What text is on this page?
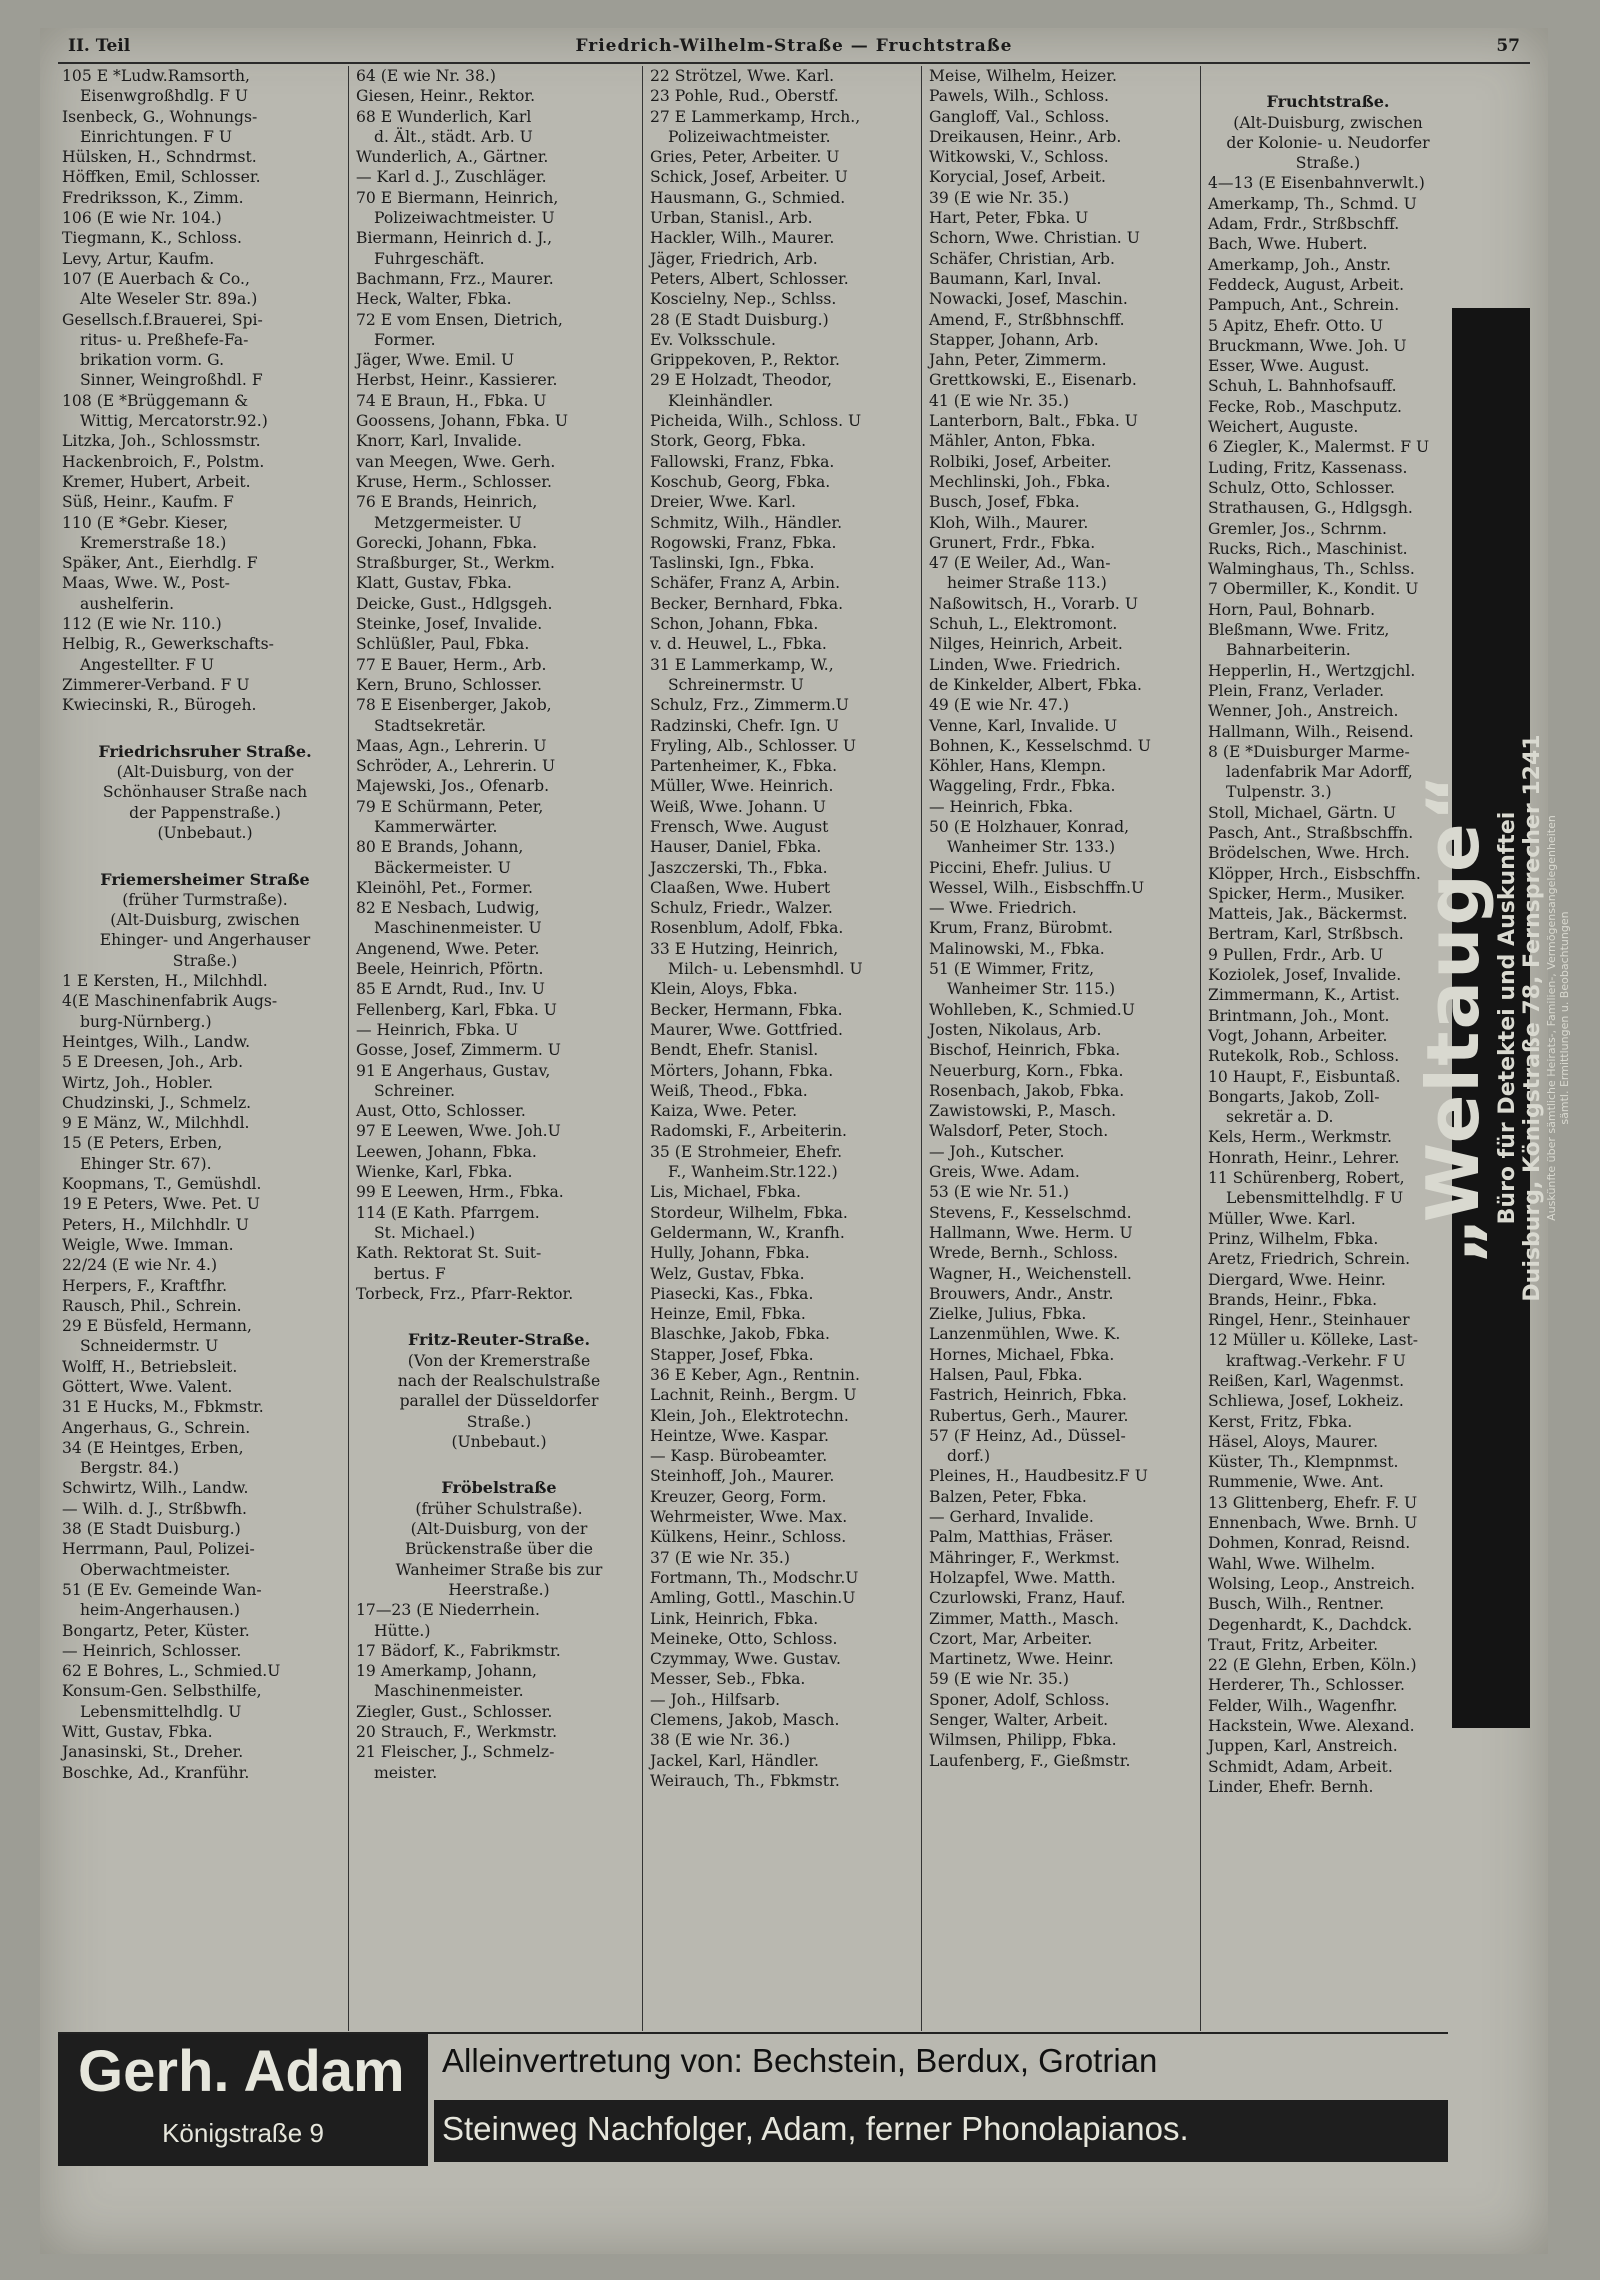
II. Teil	Friedrich-Wilhelm-Straße — Fruchtstraße	57
105 E *Ludw.Ramsorth,
Eisenwgroßhdlg. F U
Isenbeck, G., Wohnungs-
Einrichtungen. F U
Hülsken, H., Schndrmst.
Höffken, Emil, Schlosser.
Fredriksson, K., Zimm.
106 (E wie Nr. 104.)
Tiegmann, K., Schloss.
Levy, Artur, Kaufm.
107 (E Auerbach & Co.,
Alte Weseler Str. 89a.)
Gesellsch.f.Brauerei, Spi-
ritus- u. Preßhefe-Fa-
brikation vorm. G.
Sinner, Weingroßhdl. F
108 (E *Brüggemann &
Wittig, Mercatorstr.92.)
Litzka, Joh., Schlossmstr.
Hackenbroich, F., Polstm.
Kremer, Hubert, Arbeit.
Süß, Heinr., Kaufm. F
110 (E *Gebr. Kieser,
Kremerstraße 18.)
Späker, Ant., Eierhdlg. F
Maas, Wwe. W., Post-
aushelferin.
112 (E wie Nr. 110.)
Helbig, R., Gewerkschafts-
Angestellter. F U
Zimmerer-Verband. F U
Kwiecinski, R., Bürogeh.

Friedrichsruher Straße.
(Alt-Duisburg, von der
Schönhauser Straße nach
der Pappenstraße.)
(Unbebaut.)

Friemersheimer Straße
(früher Turmstraße).
(Alt-Duisburg, zwischen
Ehinger- und Angerhauser
Straße.)
1 E Kersten, H., Milchhdl.
4(E Maschinenfabrik Augs-
burg-Nürnberg.)
Heintges, Wilh., Landw.
5 E Dreesen, Joh., Arb.
Wirtz, Joh., Hobler.
Chudzinski, J., Schmelz.
9 E Mänz, W., Milchhdl.
15 (E Peters, Erben,
Ehinger Str. 67).
Koopmans, T., Gemüshdl.
19 E Peters, Wwe. Pet. U
Peters, H., Milchhdlr. U
Weigle, Wwe. Imman.
22/24 (E wie Nr. 4.)
Herpers, F., Kraftfhr.
Rausch, Phil., Schrein.
29 E Büsfeld, Hermann,
Schneidermstr. U
Wolff, H., Betriebsleit.
Göttert, Wwe. Valent.
31 E Hucks, M., Fbkmstr.
Angerhaus, G., Schrein.
34 (E Heintges, Erben,
Bergstr. 84.)
Schwirtz, Wilh., Landw.
— Wilh. d. J., Strßbwfh.
38 (E Stadt Duisburg.)
Herrmann, Paul, Polizei-
Oberwachtmeister.
51 (E Ev. Gemeinde Wan-
heim-Angerhausen.)
Bongartz, Peter, Küster.
— Heinrich, Schlosser.
62 E Bohres, L., Schmied.U
Konsum-Gen. Selbsthilfe,
Lebensmittelhdlg. U
Witt, Gustav, Fbka.
Janasinski, St., Dreher.
Boschke, Ad., Kranführ.
64 (E wie Nr. 38.)
Giesen, Heinr., Rektor.
68 E Wunderlich, Karl
d. Ält., städt. Arb. U
Wunderlich, A., Gärtner.
— Karl d. J., Zuschläger.
70 E Biermann, Heinrich,
Polizeiwachtmeister. U
Biermann, Heinrich d. J.,
Fuhrgeschäft.
Bachmann, Frz., Maurer.
Heck, Walter, Fbka.
72 E vom Ensen, Dietrich,
Former.
Jäger, Wwe. Emil. U
Herbst, Heinr., Kassierer.
74 E Braun, H., Fbka. U
Goossens, Johann, Fbka. U
Knorr, Karl, Invalide.
van Meegen, Wwe. Gerh.
Kruse, Herm., Schlosser.
76 E Brands, Heinrich,
Metzgermeister. U
Gorecki, Johann, Fbka.
Straßburger, St., Werkm.
Klatt, Gustav, Fbka.
Deicke, Gust., Hdlgsgeh.
Steinke, Josef, Invalide.
Schlüßler, Paul, Fbka.
77 E Bauer, Herm., Arb.
Kern, Bruno, Schlosser.
78 E Eisenberger, Jakob,
Stadtsekretär.
Maas, Agn., Lehrerin. U
Schröder, A., Lehrerin. U
Majewski, Jos., Ofenarb.
79 E Schürmann, Peter,
Kammerwärter.
80 E Brands, Johann,
Bäckermeister. U
Kleinöhl, Pet., Former.
82 E Nesbach, Ludwig,
Maschinenmeister. U
Angenend, Wwe. Peter.
Beele, Heinrich, Pförtn.
85 E Arndt, Rud., Inv. U
Fellenberg, Karl, Fbka. U
— Heinrich, Fbka. U
Gosse, Josef, Zimmerm. U
91 E Angerhaus, Gustav,
Schreiner.
Aust, Otto, Schlosser.
97 E Leewen, Wwe. Joh.U
Leewen, Johann, Fbka.
Wienke, Karl, Fbka.
99 E Leewen, Hrm., Fbka.
114 (E Kath. Pfarrgem.
St. Michael.)
Kath. Rektorat St. Suit-
bertus. F
Torbeck, Frz., Pfarr-Rektor.

Fritz-Reuter-Straße.
(Von der Kremerstraße
nach der Realschulstraße
parallel der Düsseldorfer
Straße.)
(Unbebaut.)

Fröbelstraße
(früher Schulstraße).
(Alt-Duisburg, von der
Brückenstraße über die
Wanheimer Straße bis zur
Heerstraße.)
17—23 (E Niederrhein.
Hütte.)
17 Bädorf, K., Fabrikmstr.
19 Amerkamp, Johann,
Maschinenmeister.
Ziegler, Gust., Schlosser.
20 Strauch, F., Werkmstr.
21 Fleischer, J., Schmelz-
meister.
22 Strötzel, Wwe. Karl.
23 Pohle, Rud., Oberstf.
27 E Lammerkamp, Hrch.,
Polizeiwachtmeister.
Gries, Peter, Arbeiter. U
Schick, Josef, Arbeiter. U
Hausmann, G., Schmied.
Urban, Stanisl., Arb.
Hackler, Wilh., Maurer.
Jäger, Friedrich, Arb.
Peters, Albert, Schlosser.
Koscielny, Nep., Schlss.
28 (E Stadt Duisburg.)
Ev. Volksschule.
Grippekoven, P., Rektor.
29 E Holzadt, Theodor,
Kleinhändler.
Picheida, Wilh., Schloss. U
Stork, Georg, Fbka.
Fallowski, Franz, Fbka.
Koschub, Georg, Fbka.
Dreier, Wwe. Karl.
Schmitz, Wilh., Händler.
Rogowski, Franz, Fbka.
Taslinski, Ign., Fbka.
Schäfer, Franz A, Arbin.
Becker, Bernhard, Fbka.
Schon, Johann, Fbka.
v. d. Heuwel, L., Fbka.
31 E Lammerkamp, W.,
Schreinermstr. U
Schulz, Frz., Zimmerm.U
Radzinski, Chefr. Ign. U
Fryling, Alb., Schlosser. U
Partenheimer, K., Fbka.
Müller, Wwe. Heinrich.
Weiß, Wwe. Johann. U
Frensch, Wwe. August
Hauser, Daniel, Fbka.
Jaszczerski, Th., Fbka.
Claaßen, Wwe. Hubert
Schulz, Friedr., Walzer.
Rosenblum, Adolf, Fbka.
33 E Hutzing, Heinrich,
Milch- u. Lebensmhdl. U
Klein, Aloys, Fbka.
Becker, Hermann, Fbka.
Maurer, Wwe. Gottfried.
Bendt, Ehefr. Stanisl.
Mörters, Johann, Fbka.
Weiß, Theod., Fbka.
Kaiza, Wwe. Peter.
Radomski, F., Arbeiterin.
35 (E Strohmeier, Ehefr.
F., Wanheim.Str.122.)
Lis, Michael, Fbka.
Stordeur, Wilhelm, Fbka.
Geldermann, W., Kranfh.
Hully, Johann, Fbka.
Welz, Gustav, Fbka.
Piasecki, Kas., Fbka.
Heinze, Emil, Fbka.
Blaschke, Jakob, Fbka.
Stapper, Josef, Fbka.
36 E Keber, Agn., Rentnin.
Lachnit, Reinh., Bergm. U
Klein, Joh., Elektrotechn.
Heintze, Wwe. Kaspar.
— Kasp. Bürobeamter.
Steinhoff, Joh., Maurer.
Kreuzer, Georg, Form.
Wehrmeister, Wwe. Max.
Külkens, Heinr., Schloss.
37 (E wie Nr. 35.)
Fortmann, Th., Modschr.U
Amling, Gottl., Maschin.U
Link, Heinrich, Fbka.
Meineke, Otto, Schloss.
Czymmay, Wwe. Gustav.
Messer, Seb., Fbka.
— Joh., Hilfsarb.
Clemens, Jakob, Masch.
38 (E wie Nr. 36.)
Jackel, Karl, Händler.
Weirauch, Th., Fbkmstr.
Meise, Wilhelm, Heizer.
Pawels, Wilh., Schloss.
Gangloff, Val., Schloss.
Dreikausen, Heinr., Arb.
Witkowski, V., Schloss.
Korycial, Josef, Arbeit.
39 (E wie Nr. 35.)
Hart, Peter, Fbka. U
Schorn, Wwe. Christian. U
Schäfer, Christian, Arb.
Baumann, Karl, Inval.
Nowacki, Josef, Maschin.
Amend, F., Strßbhnschff.
Stapper, Johann, Arb.
Jahn, Peter, Zimmerm.
Grettkowski, E., Eisenarb.
41 (E wie Nr. 35.)
Lanterborn, Balt., Fbka. U
Mähler, Anton, Fbka.
Rolbiki, Josef, Arbeiter.
Mechlinski, Joh., Fbka.
Busch, Josef, Fbka.
Kloh, Wilh., Maurer.
Grunert, Frdr., Fbka.
47 (E Weiler, Ad., Wan-
heimer Straße 113.)
Naßowitsch, H., Vorarb. U
Schuh, L., Elektromont.
Nilges, Heinrich, Arbeit.
Linden, Wwe. Friedrich.
de Kinkelder, Albert, Fbka.
49 (E wie Nr. 47.)
Venne, Karl, Invalide. U
Bohnen, K., Kesselschmd. U
Köhler, Hans, Klempn.
Waggeling, Frdr., Fbka.
— Heinrich, Fbka.
50 (E Holzhauer, Konrad,
Wanheimer Str. 133.)
Piccini, Ehefr. Julius. U
Wessel, Wilh., Eisbschffn.U
— Wwe. Friedrich.
Krum, Franz, Bürobmt.
Malinowski, M., Fbka.
51 (E Wimmer, Fritz,
Wanheimer Str. 115.)
Wohlleben, K., Schmied.U
Josten, Nikolaus, Arb.
Bischof, Heinrich, Fbka.
Neuerburg, Korn., Fbka.
Rosenbach, Jakob, Fbka.
Zawistowski, P., Masch.
Walsdorf, Peter, Stoch.
— Joh., Kutscher.
Greis, Wwe. Adam.
53 (E wie Nr. 51.)
Stevens, F., Kesselschmd.
Hallmann, Wwe. Herm. U
Wrede, Bernh., Schloss.
Wagner, H., Weichenstell.
Brouwers, Andr., Anstr.
Zielke, Julius, Fbka.
Lanzenmühlen, Wwe. K.
Hornes, Michael, Fbka.
Halsen, Paul, Fbka.
Fastrich, Heinrich, Fbka.
Rubertus, Gerh., Maurer.
57 (F Heinz, Ad., Düssel-
dorf.)
Pleines, H., Haudbesitz.F U
Balzen, Peter, Fbka.
— Gerhard, Invalide.
Palm, Matthias, Fräser.
Mähringer, F., Werkmst.
Holzapfel, Wwe. Matth.
Czurlowski, Franz, Hauf.
Zimmer, Matth., Masch.
Czort, Mar, Arbeiter.
Martinetz, Wwe. Heinr.
59 (E wie Nr. 35.)
Sponer, Adolf, Schloss.
Senger, Walter, Arbeit.
Wilmsen, Philipp, Fbka.
Laufenberg, F., Gießmstr.

Fruchtstraße.
(Alt-Duisburg, zwischen
der Kolonie- u. Neudorfer
Straße.)
4—13 (E Eisenbahnverwlt.)
Amerkamp, Th., Schmd. U
Adam, Frdr., Strßbschff.
Bach, Wwe. Hubert.
Amerkamp, Joh., Anstr.
Feddeck, August, Arbeit.
Pampuch, Ant., Schrein.
5 Apitz, Ehefr. Otto. U
Bruckmann, Wwe. Joh. U
Esser, Wwe. August.
Schuh, L. Bahnhofsauff.
Fecke, Rob., Maschputz.
Weichert, Auguste.
6 Ziegler, K., Malermst. F U
Luding, Fritz, Kassenass.
Schulz, Otto, Schlosser.
Strathausen, G., Hdlgsgh.
Gremler, Jos., Schrnm.
Rucks, Rich., Maschinist.
Walminghaus, Th., Schlss.
7 Obermiller, K., Kondit. U
Horn, Paul, Bohnarb.
Bleßmann, Wwe. Fritz,
Bahnarbeiterin.
Hepperlin, H., Wertzgjchl.
Plein, Franz, Verlader.
Wenner, Joh., Anstreich.
Hallmann, Wilh., Reisend.
8 (E *Duisburger Marme-
ladenfabrik Mar Adorff,
Tulpenstr. 3.)
Stoll, Michael, Gärtn. U
Pasch, Ant., Straßbschffn.
Brödelschen, Wwe. Hrch.
Klöpper, Hrch., Eisbschffn.
Spicker, Herm., Musiker.
Matteis, Jak., Bäckermst.
Bertram, Karl, Strßbsch.
9 Pullen, Frdr., Arb. U
Koziolek, Josef, Invalide.
Zimmermann, K., Artist.
Brintmann, Joh., Mont.
Vogt, Johann, Arbeiter.
Rutekolk, Rob., Schloss.
10 Haupt, F., Eisbuntaß.
Bongarts, Jakob, Zoll-
sekretär a. D.
Kels, Herm., Werkmstr.
Honrath, Heinr., Lehrer.
11 Schürenberg, Robert,
Lebensmittelhdlg. F U
Müller, Wwe. Karl.
Prinz, Wilhelm, Fbka.
Aretz, Friedrich, Schrein.
Diergard, Wwe. Heinr.
Brands, Heinr., Fbka.
Ringel, Henr., Steinhauer
12 Müller u. Kölleke, Last-
kraftwag.-Verkehr. F U
Reißen, Karl, Wagenmst.
Schliewa, Josef, Lokheiz.
Kerst, Fritz, Fbka.
Häsel, Aloys, Maurer.
Küster, Th., Klempnmst.
Rummenie, Wwe. Ant.
13 Glittenberg, Ehefr. F. U
Ennenbach, Wwe. Brnh. U
Dohmen, Konrad, Reisnd.
Wahl, Wwe. Wilhelm.
Wolsing, Leop., Anstreich.
Busch, Wilh., Rentner.
Degenhardt, K., Dachdck.
Traut, Fritz, Arbeiter.
22 (E Glehn, Erben, Köln.)
Herderer, Th., Schlosser.
Felder, Wilh., Wagenfhr.
Hackstein, Wwe. Alexand.
Juppen, Karl, Anstreich.
Schmidt, Adam, Arbeit.
Linder, Ehefr. Bernh.
„Weltauge“ Büro für Detektei und Auskunftei Duisburg, Königstraße 78, Fernsprecher 1241 Auskünfte über sämtliche Heirats-, Familien-, Vermögensangelegenheiten sämtl. Ermittlungen u. Beobachtungen
Gerh. Adam
Königstraße 9
Alleinvertretung von: Bechstein, Berdux, Grotrian
Steinweg Nachfolger, Adam, ferner Phonolapianos.
